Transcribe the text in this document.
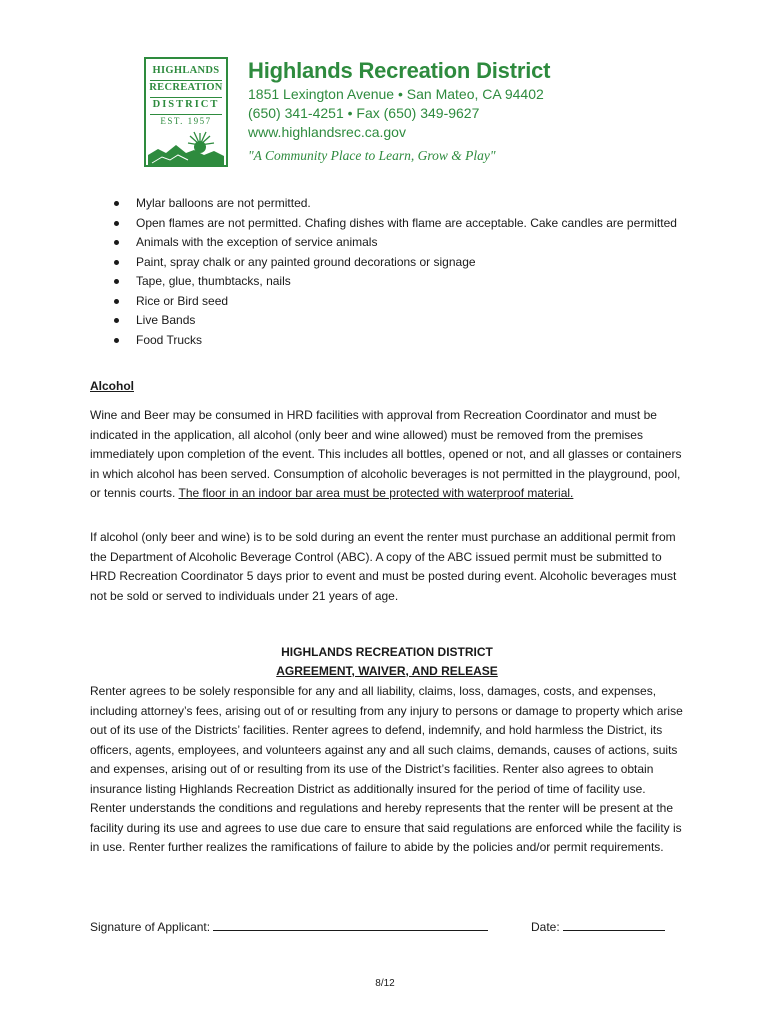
HIGHLANDS
RECREATION
DISTRICT
EST. 1957
Highlands Recreation District
1851 Lexington Avenue • San Mateo, CA 94402
(650) 341-4251 • Fax (650) 349-9627
www.highlandsrec.ca.gov
"A Community Place to Learn, Grow & Play"
Mylar balloons are not permitted.
Open flames are not permitted. Chafing dishes with flame are acceptable. Cake candles are permitted
Animals with the exception of service animals
Paint, spray chalk or any painted ground decorations or signage
Tape, glue, thumbtacks, nails
Rice or Bird seed
Live Bands
Food Trucks
Alcohol
Wine and Beer may be consumed in HRD facilities with approval from Recreation Coordinator and must be indicated in the application, all alcohol (only beer and wine allowed) must be removed from the premises immediately upon completion of the event. This includes all bottles, opened or not, and all glasses or containers in which alcohol has been served. Consumption of alcoholic beverages is not permitted in the playground, pool, or tennis courts. The floor in an indoor bar area must be protected with waterproof material.
If alcohol (only beer and wine) is to be sold during an event the renter must purchase an additional permit from the Department of Alcoholic Beverage Control (ABC). A copy of the ABC issued permit must be submitted to HRD Recreation Coordinator 5 days prior to event and must be posted during event. Alcoholic beverages must not be sold or served to individuals under 21 years of age.
HIGHLANDS RECREATION DISTRICT
AGREEMENT, WAIVER, AND RELEASE
Renter agrees to be solely responsible for any and all liability, claims, loss, damages, costs, and expenses, including attorney’s fees, arising out of or resulting from any injury to persons or damage to property which arise out of its use of the Districts’ facilities. Renter agrees to defend, indemnify, and hold harmless the District, its officers, agents, employees, and volunteers against any and all such claims, demands, causes of actions, suits and expenses, arising out of or resulting from its use of the District’s facilities. Renter also agrees to obtain insurance listing Highlands Recreation District as additionally insured for the period of time of facility use. Renter understands the conditions and regulations and hereby represents that the renter will be present at the facility during its use and agrees to use due care to ensure that said regulations are enforced while the facility is in use. Renter further realizes the ramifications of failure to abide by the policies and/or permit requirements.
Signature of Applicant:	Date:
8/12
